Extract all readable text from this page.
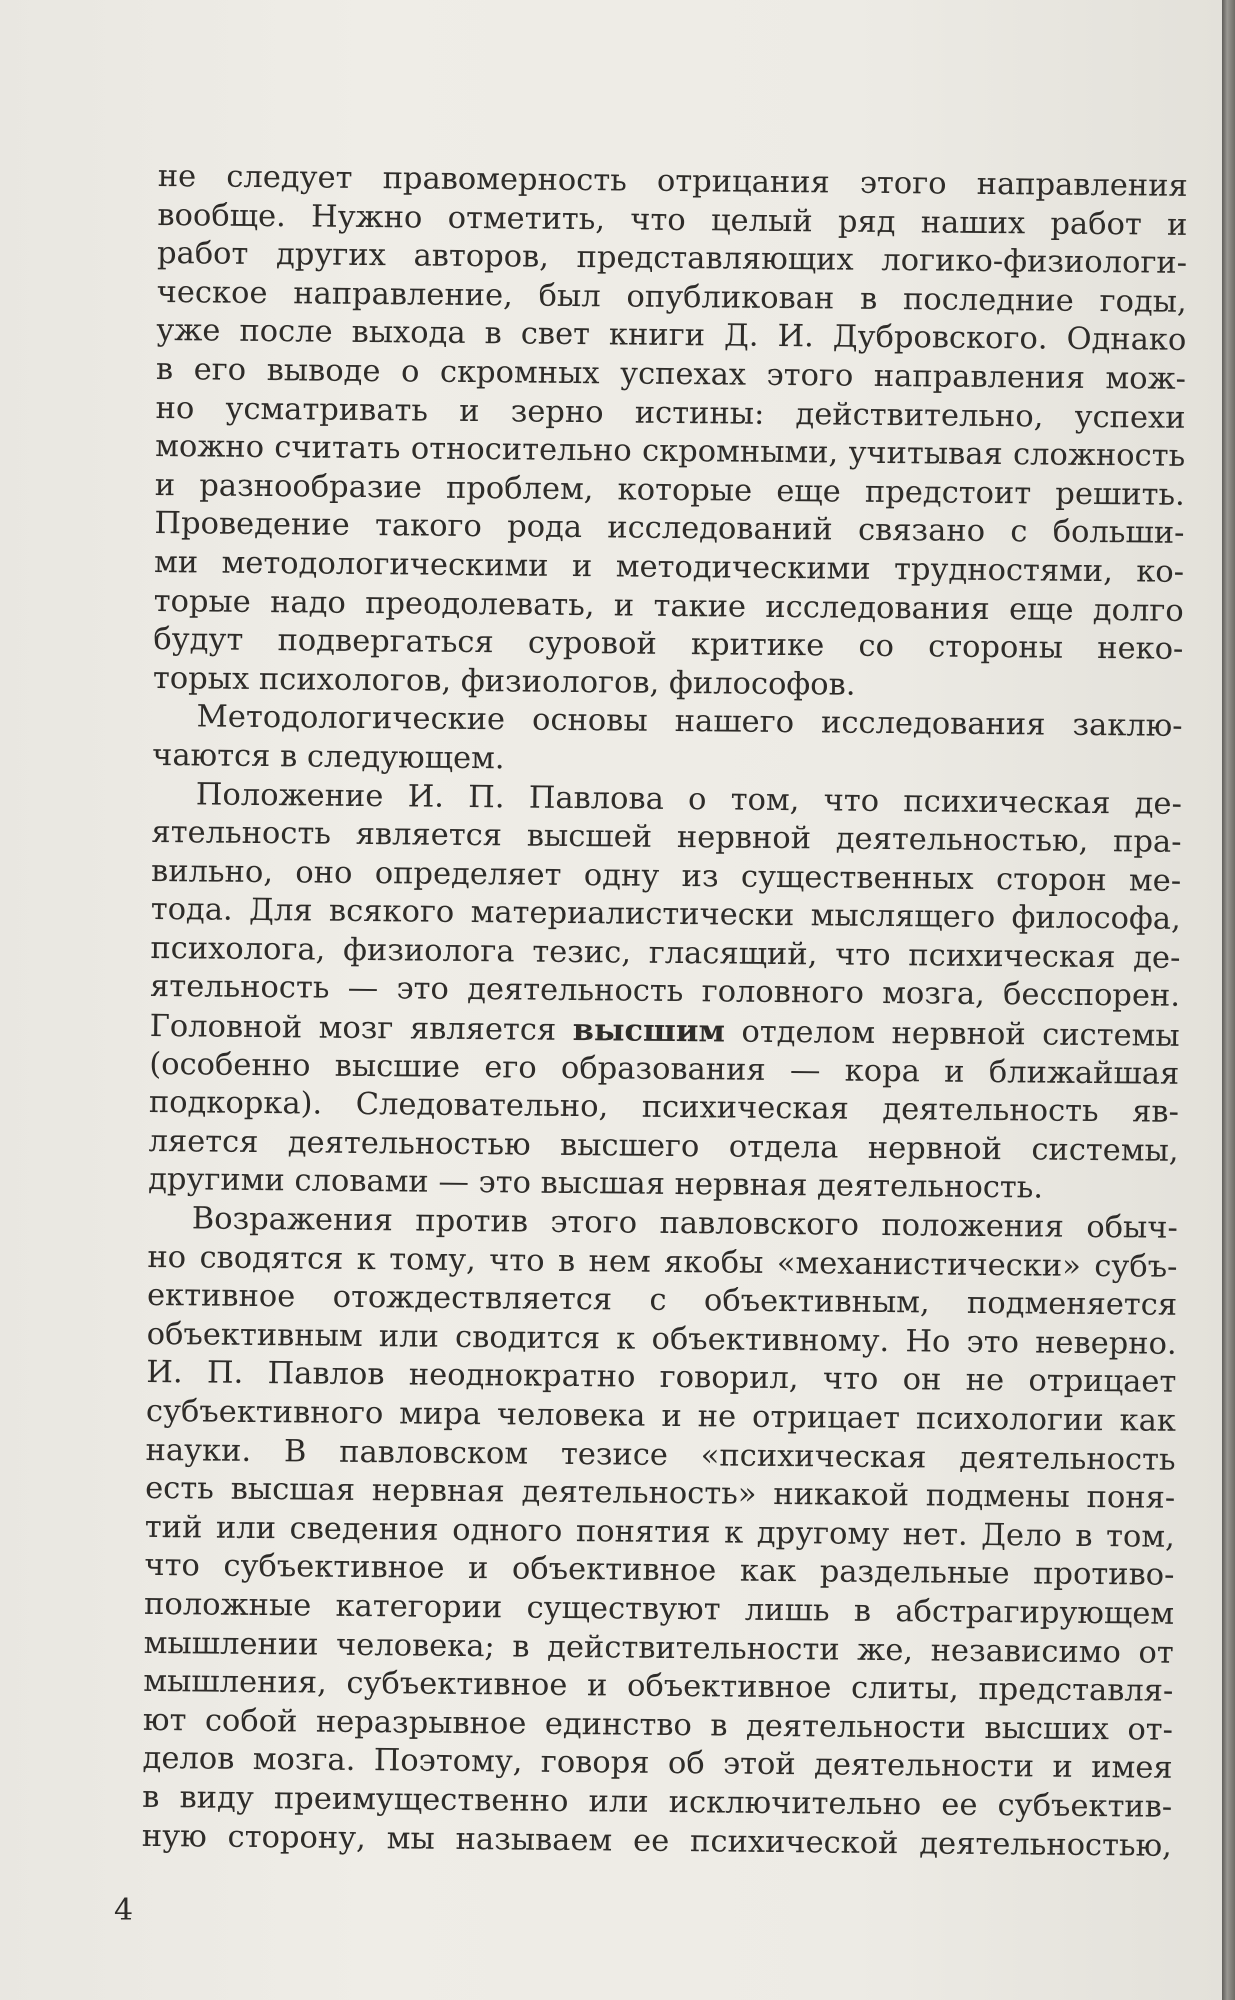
не следует правомерность отрицания этого направления
вообще. Нужно отметить, что целый ряд наших работ и
работ других авторов, представляющих логико-физиологи-
ческое направление, был опубликован в последние годы,
уже после выхода в свет книги Д. И. Дубровского. Однако
в его выводе о скромных успехах этого направления мож-
но усматривать и зерно истины: действительно, успехи
можно считать относительно скромными, учитывая сложность
и разнообразие проблем, которые еще предстоит решить.
Проведение такого рода исследований связано с больши-
ми методологическими и методическими трудностями, ко-
торые надо преодолевать, и такие исследования еще долго
будут подвергаться суровой критике со стороны неко-
торых психологов, физиологов, философов.
Методологические основы нашего исследования заклю-
чаются в следующем.
Положение И. П. Павлова о том, что психическая де-
ятельность является высшей нервной деятельностью, пра-
вильно, оно определяет одну из существенных сторон ме-
тода. Для всякого материалистически мыслящего философа,
психолога, физиолога тезис, гласящий, что психическая де-
ятельность — это деятельность головного мозга, бесспорен.
Головной мозг является высшим отделом нервной системы
(особенно высшие его образования — кора и ближайшая
подкорка). Следовательно, психическая деятельность яв-
ляется деятельностью высшего отдела нервной системы,
другими словами — это высшая нервная деятельность.
Возражения против этого павловского положения обыч-
но сводятся к тому, что в нем якобы «механистически» субъ-
ективное отождествляется с объективным, подменяется
объективным или сводится к объективному. Но это неверно.
И. П. Павлов неоднократно говорил, что он не отрицает
субъективного мира человека и не отрицает психологии как
науки. В павловском тезисе «психическая деятельность
есть высшая нервная деятельность» никакой подмены поня-
тий или сведения одного понятия к другому нет. Дело в том,
что субъективное и объективное как раздельные противо-
положные категории существуют лишь в абстрагирующем
мышлении человека; в действительности же, независимо от
мышления, субъективное и объективное слиты, представля-
ют собой неразрывное единство в деятельности высших от-
делов мозга. Поэтому, говоря об этой деятельности и имея
в виду преимущественно или исключительно ее субъектив-
ную сторону, мы называем ее психической деятельностью,
4
